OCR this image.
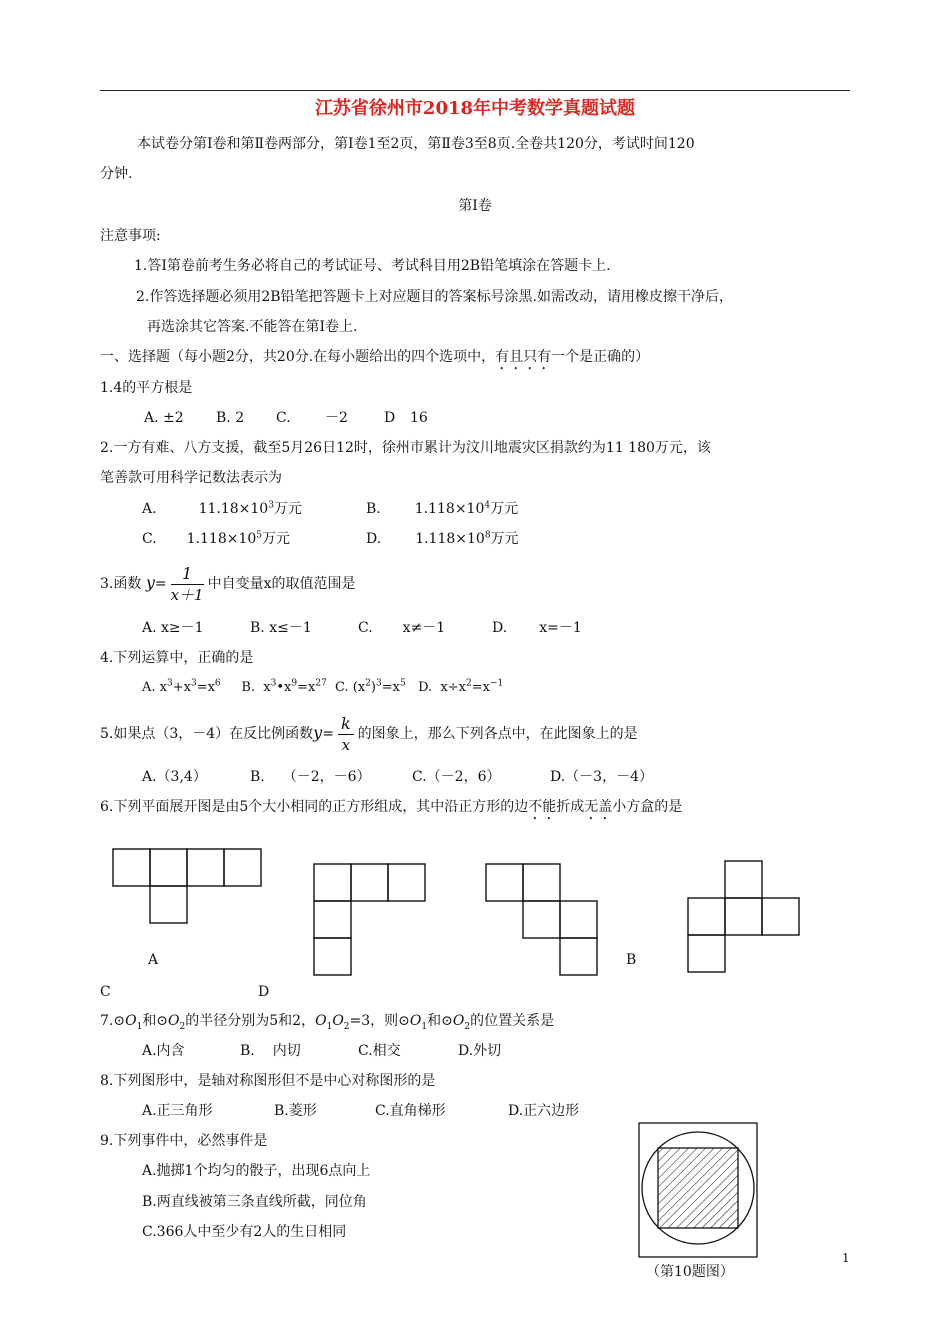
江苏省徐州市2018年中考数学真题试题
本试卷分第Ⅰ卷和第Ⅱ卷两部分，第Ⅰ卷1至2页，第Ⅱ卷3至8页.全卷共120分，考试时间120
分钟.
第Ⅰ卷
注意事项:
1.答Ⅰ第卷前考生务必将自己的考试证号、考试科目用2B铅笔填涂在答题卡上.
2.作答选择题必须用2B铅笔把答题卡上对应题目的答案标号涂黑.如需改动，请用橡皮擦干净后，
再选涂其它答案.不能答在第Ⅰ卷上.
一、选择题（每小题2分，共20分.在每小题给出的四个选项中，有且只有一个是正确的）
1.4的平方根是
A. ±2 B. 2 C. －2	D 16
2.一方有难、八方支援，截至5月26日12时，徐州市累计为汶川地震灾区捐款约为11 180万元，该
笔善款可用科学记数法表示为
A.	$11.18\times 10^3$万元	B. $1.118\times 10^4$万元
C. $1.118\times 10^5$万元	D. $1.118\times 10^8$万元
3.函数 $y= \frac{1}{x+1}$ 中自变量x的取值范围是
A. x≥－1	B. x≤－1	C. x≠－1	D. x=－1
4.下列运算中，正确的是
A. $x^3+x^3=x^6$     B.  $x^3•x^9=x^{27}$  C. $(x^2)^3=x^5$   D.  $x\div x^2=x^{-1}$
5.如果点（3，－4）在反比例函数$y= \frac{k}{x}$ 的图象上，那么下列各点中，在此图象上的是
A.（3,4）	B. （－2，－6）	C.（－2，6）	D.（－3，－4）
6.下列平面展开图是由5个大小相同的正方形组成，其中沿正方形的边不能折成无盖小方盒的是
A	B
C	D
$7.⊙O_1$和$⊙O_2$的半径分别为5和2，$O_1O_2=3$，则$⊙O_1$和$⊙O_2$的位置关系是
A.内含	B. 内切	C.相交	D.外切
8.下列图形中，是轴对称图形但不是中心对称图形的是
A.正三角形	B.菱形	C.直角梯形	D.正六边形
9.下列事件中，必然事件是
A.抛掷1个均匀的骰子，出现6点向上
B.两直线被第三条直线所截，同位角
C.366人中至少有2人的生日相同
（第10题图）
1
